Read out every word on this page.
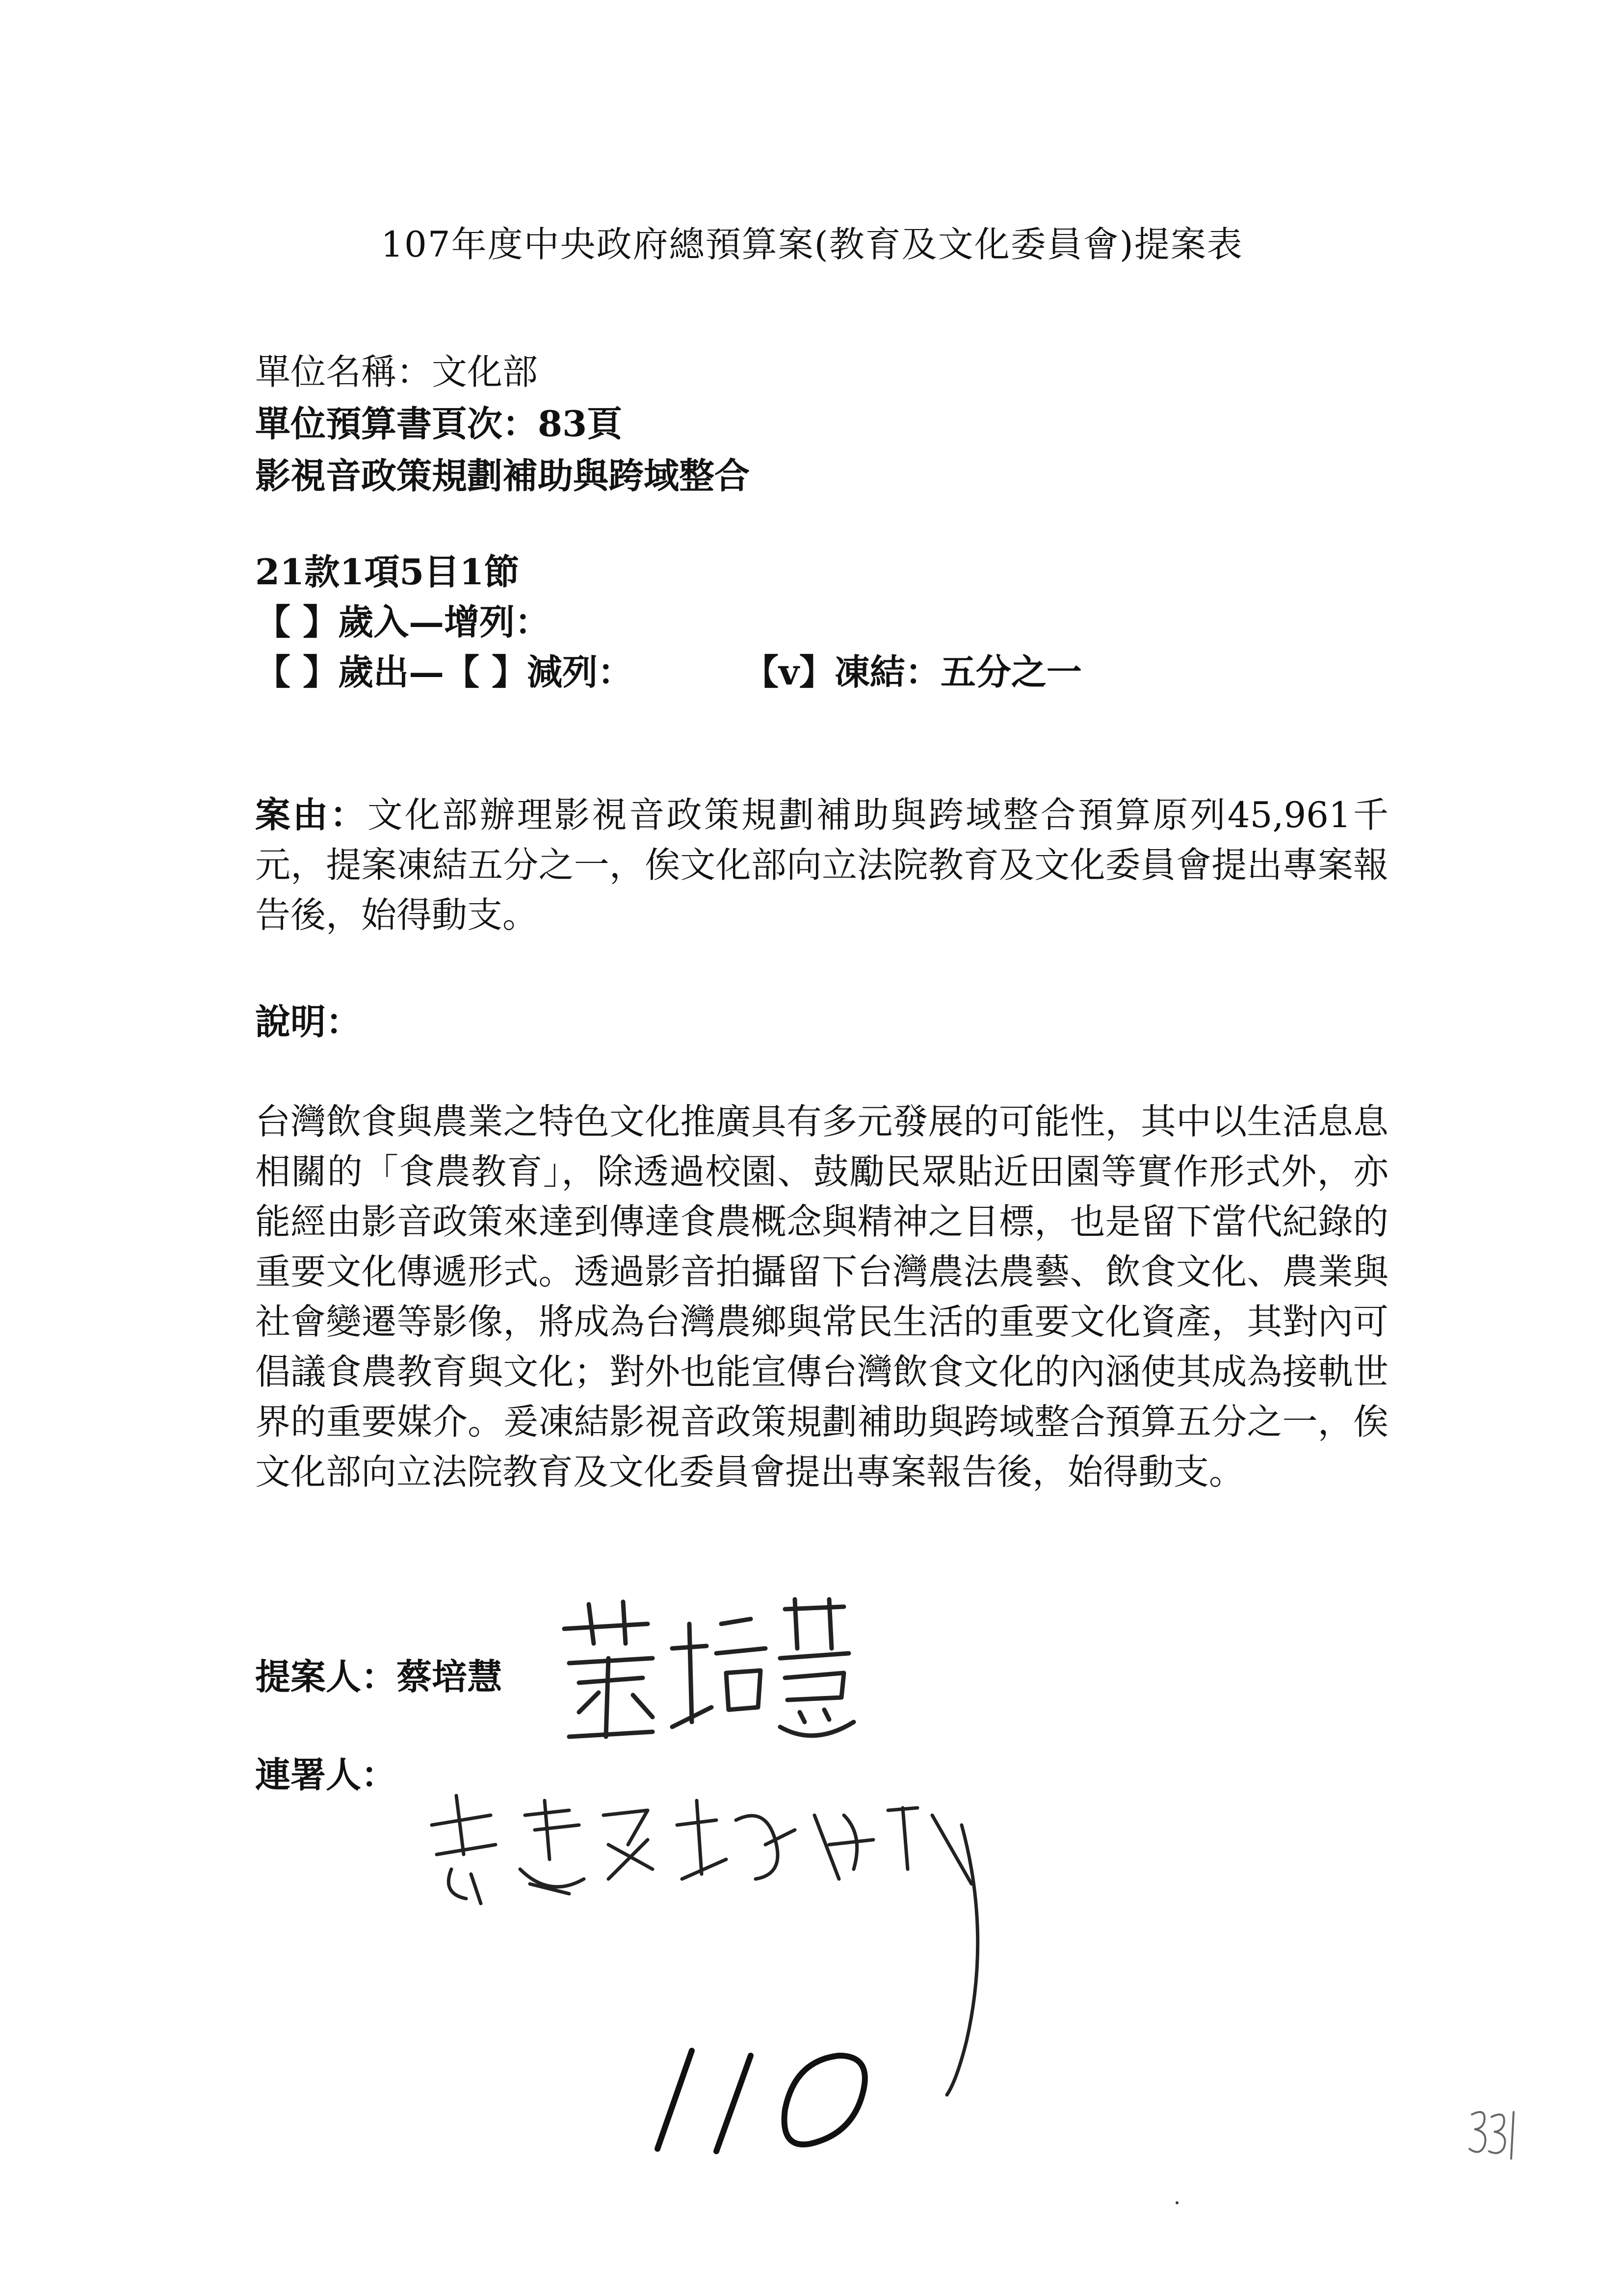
107年度中央政府總預算案(教育及文化委員會)提案表
單位名稱：文化部
單位預算書頁次：83頁
影視音政策規劃補助與跨域整合
21款1項5目1節
【 】歲入—增列：
【 】歲出—【 】減列：	【v】凍結：五分之一
案由：文化部辦理影視音政策規劃補助與跨域整合預算原列45,961千元，提案凍結五分之一，俟文化部向立法院教育及文化委員會提出專案報告後，始得動支。
說明：
台灣飲食與農業之特色文化推廣具有多元發展的可能性，其中以生活息息相關的「食農教育」，除透過校園、鼓勵民眾貼近田園等實作形式外，亦能經由影音政策來達到傳達食農概念與精神之目標，也是留下當代紀錄的重要文化傳遞形式。透過影音拍攝留下台灣農法農藝、飲食文化、農業與社會變遷等影像，將成為台灣農鄉與常民生活的重要文化資產，其對內可倡議食農教育與文化；對外也能宣傳台灣飲食文化的內涵使其成為接軌世界的重要媒介。爰凍結影視音政策規劃補助與跨域整合預算五分之一，俟文化部向立法院教育及文化委員會提出專案報告後，始得動支。
提案人：蔡培慧
連署人：
